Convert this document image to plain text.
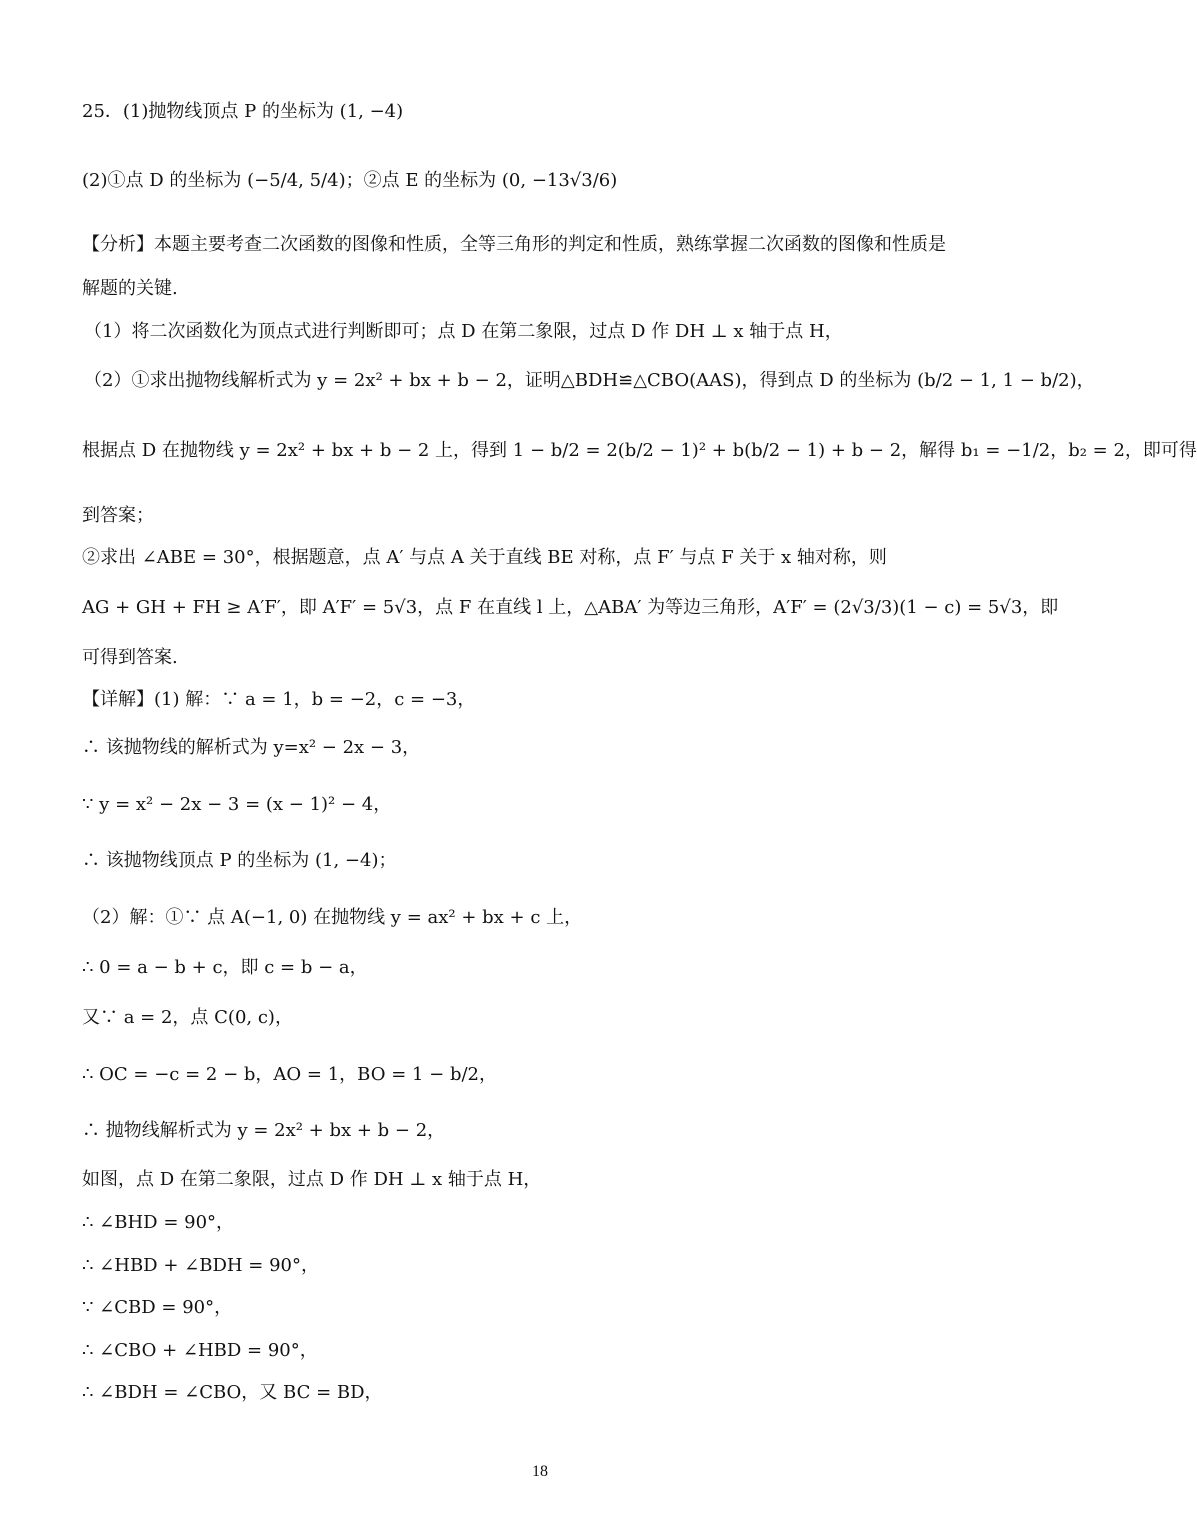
25．(1)抛物线顶点 P 的坐标为 (1, −4)
(2)①点 D 的坐标为 (−5/4, 5/4)；②点 E 的坐标为 (0, −13√3/6)
【分析】本题主要考查二次函数的图像和性质，全等三角形的判定和性质，熟练掌握二次函数的图像和性质是
解题的关键.
（1）将二次函数化为顶点式进行判断即可；点 D 在第二象限，过点 D 作 DH ⊥ x 轴于点 H，
（2）①求出抛物线解析式为 y = 2x² + bx + b − 2，证明△BDH≌△CBO(AAS)，得到点 D 的坐标为 (b/2 − 1, 1 − b/2)，
根据点 D 在抛物线 y = 2x² + bx + b − 2 上，得到 1 − b/2 = 2(b/2 − 1)² + b(b/2 − 1) + b − 2，解得 b₁ = −1/2，b₂ = 2，即可得
到答案；
②求出 ∠ABE = 30°，根据题意，点 A′ 与点 A 关于直线 BE 对称，点 F′ 与点 F 关于 x 轴对称，则
AG + GH + FH ≥ A′F′，即 A′F′ = 5√3，点 F 在直线 l 上，△ABA′ 为等边三角形，A′F′ = (2√3/3)(1 − c) = 5√3，即
可得到答案.
【详解】(1) 解：∵ a = 1，b = −2，c = −3，
∴ 该抛物线的解析式为 y=x² − 2x − 3，
∵ y = x² − 2x − 3 = (x − 1)² − 4，
∴ 该抛物线顶点 P 的坐标为 (1, −4)；
（2）解：①∵ 点 A(−1, 0) 在抛物线 y = ax² + bx + c 上，
∴ 0 = a − b + c，即 c = b − a，
又∵ a = 2，点 C(0, c)，
∴ OC = −c = 2 − b，AO = 1，BO = 1 − b/2，
∴ 抛物线解析式为 y = 2x² + bx + b − 2，
如图，点 D 在第二象限，过点 D 作 DH ⊥ x 轴于点 H，
∴ ∠BHD = 90°，
∴ ∠HBD + ∠BDH = 90°，
∵ ∠CBD = 90°，
∴ ∠CBO + ∠HBD = 90°，
∴ ∠BDH = ∠CBO，又 BC = BD，
18
